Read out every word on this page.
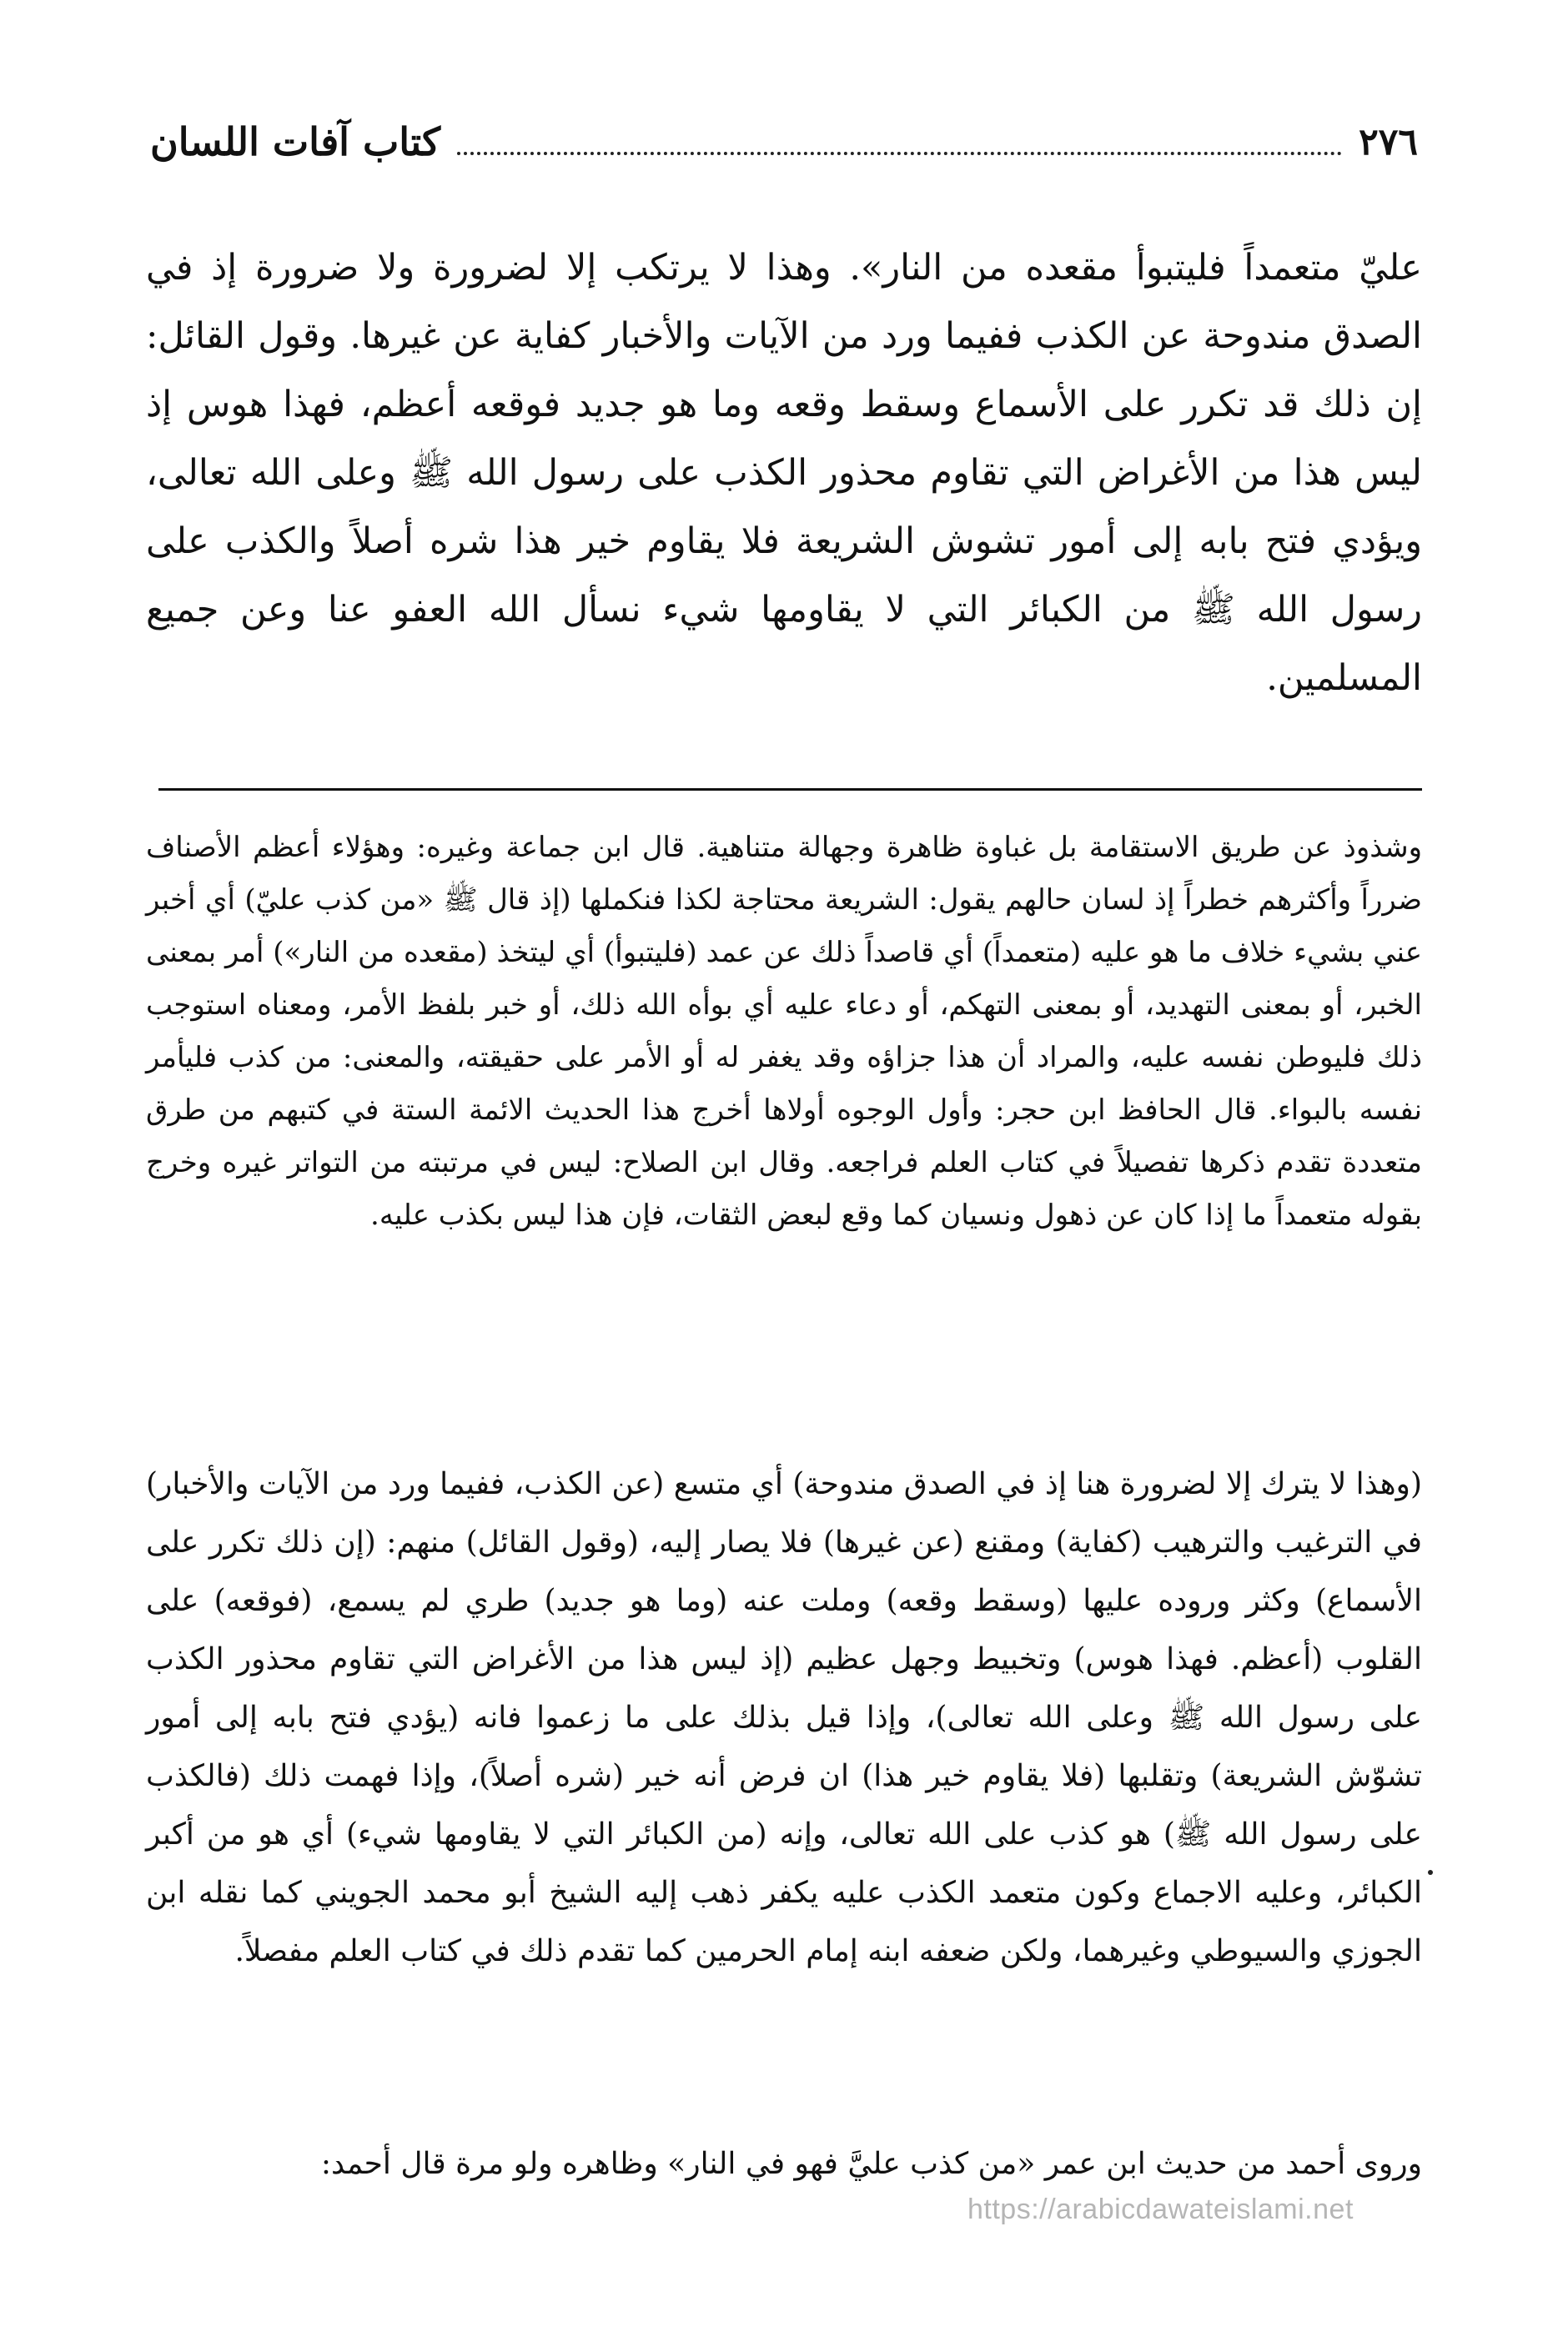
٢٧٦
كتاب آفات اللسان

عليّ متعمداً فليتبوأ مقعده من النار». وهذا لا يرتكب إلا لضرورة ولا ضرورة إذ في الصدق مندوحة عن الكذب ففيما ورد من الآيات والأخبار كفاية عن غيرها. وقول القائل: إن ذلك قد تكرر على الأسماع وسقط وقعه وما هو جديد فوقعه أعظم، فهذا هوس إذ ليس هذا من الأغراض التي تقاوم محذور الكذب على رسول الله ﷺ وعلى الله تعالى، ويؤدي فتح بابه إلى أمور تشوش الشريعة فلا يقاوم خير هذا شره أصلاً والكذب على رسول الله ﷺ من الكبائر التي لا يقاومها شيء نسأل الله العفو عنا وعن جميع المسلمين.

وشذوذ عن طريق الاستقامة بل غباوة ظاهرة وجهالة متناهية. قال ابن جماعة وغيره: وهؤلاء أعظم الأصناف ضرراً وأكثرهم خطراً إذ لسان حالهم يقول: الشريعة محتاجة لكذا فنكملها (إذ قال ﷺ «من كذب عليّ) أي أخبر عني بشيء خلاف ما هو عليه (متعمداً) أي قاصداً ذلك عن عمد (فليتبوأ) أي ليتخذ (مقعده من النار») أمر بمعنى الخبر، أو بمعنى التهديد، أو بمعنى التهكم، أو دعاء عليه أي بوأه الله ذلك، أو خبر بلفظ الأمر، ومعناه استوجب ذلك فليوطن نفسه عليه، والمراد أن هذا جزاؤه وقد يغفر له أو الأمر على حقيقته، والمعنى: من كذب فليأمر نفسه بالبواء. قال الحافظ ابن حجر: وأول الوجوه أولاها أخرج هذا الحديث الائمة الستة في كتبهم من طرق متعددة تقدم ذكرها تفصيلاً في كتاب العلم فراجعه. وقال ابن الصلاح: ليس في مرتبته من التواتر غيره وخرج بقوله متعمداً ما إذا كان عن ذهول ونسيان كما وقع لبعض الثقات، فإن هذا ليس بكذب عليه.

(وهذا لا يترك إلا لضرورة هنا إذ في الصدق مندوحة) أي متسع (عن الكذب، ففيما ورد من الآيات والأخبار) في الترغيب والترهيب (كفاية) ومقنع (عن غيرها) فلا يصار إليه، (وقول القائل) منهم: (إن ذلك تكرر على الأسماع) وكثر وروده عليها (وسقط وقعه) وملت عنه (وما هو جديد) طري لم يسمع، (فوقعه) على القلوب (أعظم. فهذا هوس) وتخبيط وجهل عظيم (إذ ليس هذا من الأغراض التي تقاوم محذور الكذب على رسول الله ﷺ وعلى الله تعالى)، وإذا قيل بذلك على ما زعموا فانه (يؤدي فتح بابه إلى أمور تشوّش الشريعة) وتقلبها (فلا يقاوم خير هذا) ان فرض أنه خير (شره أصلاً)، وإذا فهمت ذلك (فالكذب على رسول الله ﷺ) هو كذب على الله تعالى، وإنه (من الكبائر التي لا يقاومها شيء) أي هو من أكبر الكبائر، وعليه الاجماع وكون متعمد الكذب عليه يكفر ذهب إليه الشيخ أبو محمد الجويني كما نقله ابن الجوزي والسيوطي وغيرهما، ولكن ضعفه ابنه إمام الحرمين كما تقدم ذلك في كتاب العلم مفصلاً.

وروى أحمد من حديث ابن عمر «من كذب عليَّ فهو في النار» وظاهره ولو مرة قال أحمد:

https://arabicdawateislami.net
